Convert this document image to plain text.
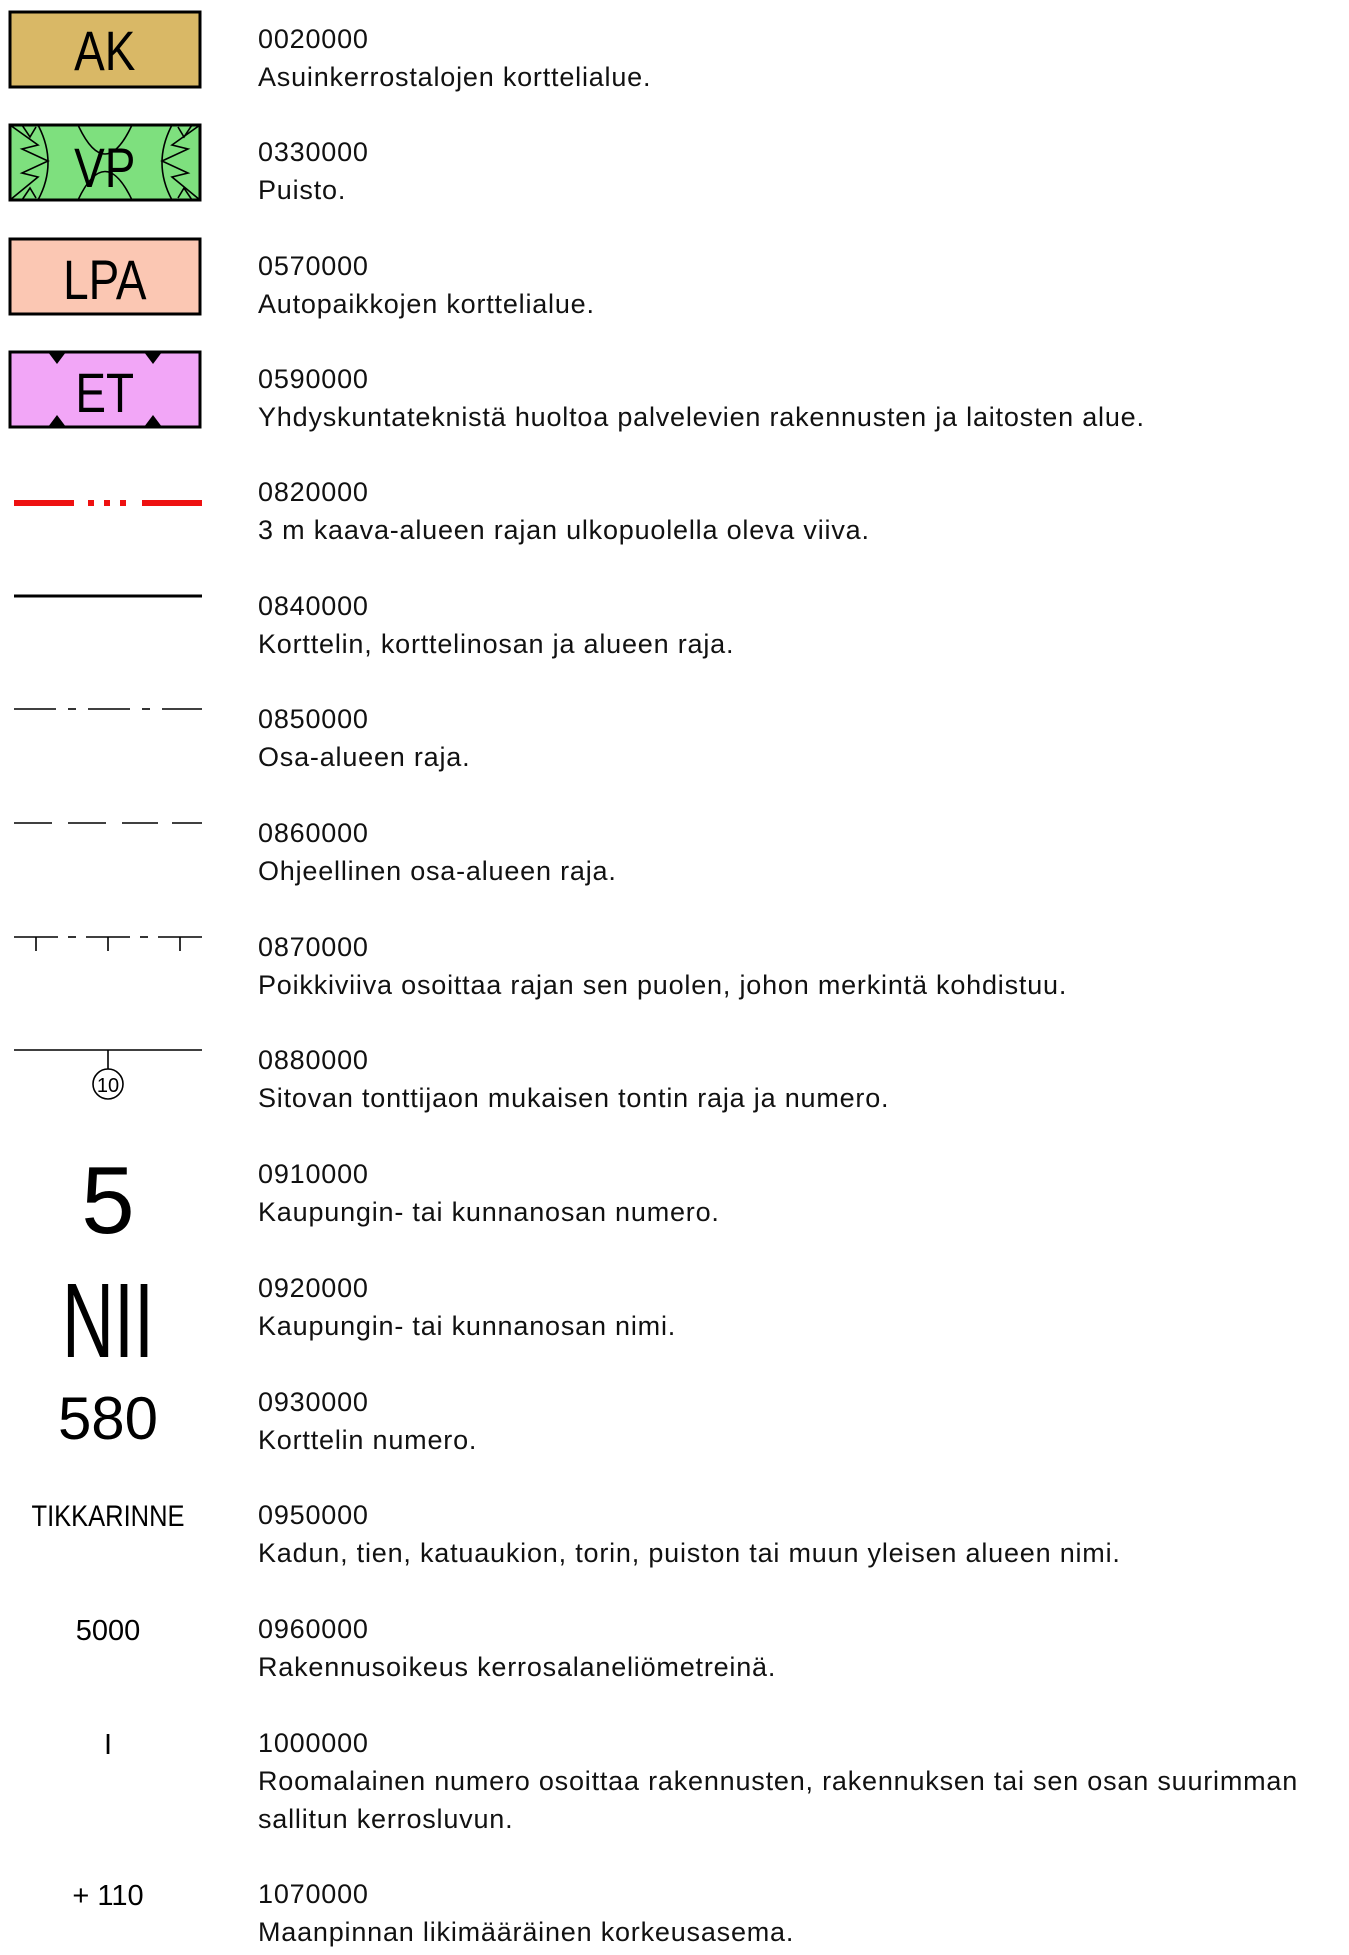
AK	0020000
Asuinkerrostalojen korttelialue.
VP	0330000
Puisto.
LPA	0570000
Autopaikkojen korttelialue.
ET	0590000
Yhdyskuntateknistä huoltoa palvelevien rakennusten ja laitosten alue.
0820000
3 m kaava-alueen rajan ulkopuolella oleva viiva.
0840000
Korttelin, korttelinosan ja alueen raja.
0850000
Osa-alueen raja.
0860000
Ohjeellinen osa-alueen raja.
0870000
Poikkiviiva osoittaa rajan sen puolen, johon merkintä kohdistuu.
10
0880000
Sitovan tonttijaon mukaisen tontin raja ja numero.
5	0910000
Kaupungin- tai kunnanosan numero.
NII	0920000
Kaupungin- tai kunnanosan nimi.
580	0930000
Korttelin numero.
TIKKARINNE	0950000
Kadun, tien, katuaukion, torin, puiston tai muun yleisen alueen nimi.
5000	0960000
Rakennusoikeus kerrosalaneliömetreinä.
I	1000000
Roomalainen numero osoittaa rakennusten, rakennuksen tai sen osan suurimman sallitun kerrosluvun.
+ 110	1070000
Maanpinnan likimääräinen korkeusasema.
